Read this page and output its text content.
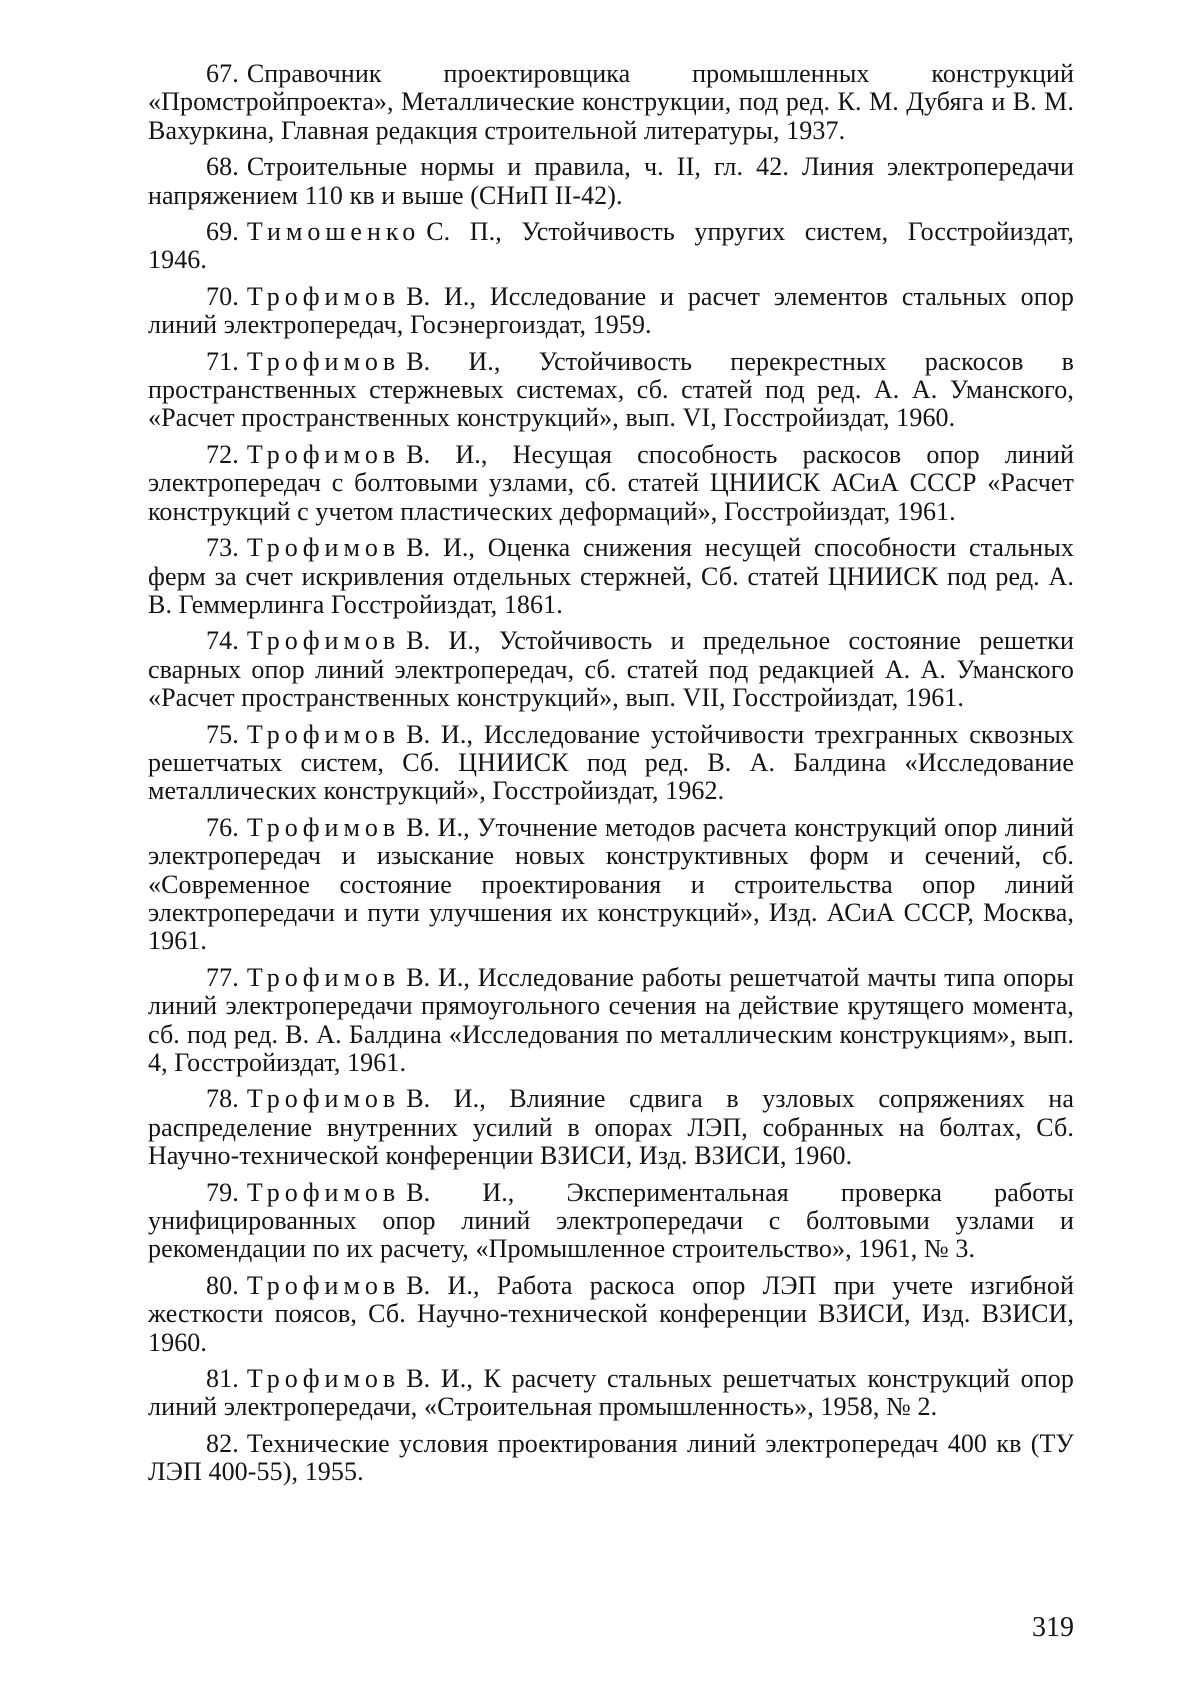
67. Справочник проектировщика промышленных конструкций «Промстройпроекта», Металлические конструкции, под ред. К. М. Дубяга и В. М. Вахуркина, Главная редакция строительной литературы, 1937.

68. Строительные нормы и правила, ч. II, гл. 42. Линия электропередачи напряжением 110 кв и выше (СНиП II-42).

69. Тимошенко С. П., Устойчивость упругих систем, Госстройиздат, 1946.

70. Трофимов В. И., Исследование и расчет элементов стальных опор линий электропередач, Госэнергоиздат, 1959.

71. Трофимов В. И., Устойчивость перекрестных раскосов в пространственных стержневых системах, сб. статей под ред. А. А. Уманского, «Расчет пространственных конструкций», вып. VI, Госстройиздат, 1960.

72. Трофимов В. И., Несущая способность раскосов опор линий электропередач с болтовыми узлами, сб. статей ЦНИИСК АСиА СССР «Расчет конструкций с учетом пластических деформаций», Госстройиздат, 1961.

73. Трофимов В. И., Оценка снижения несущей способности стальных ферм за счет искривления отдельных стержней, Сб. статей ЦНИИСК под ред. А. В. Геммерлинга Госстройиздат, 1861.

74. Трофимов В. И., Устойчивость и предельное состояние решетки сварных опор линий электропередач, сб. статей под редакцией А. А. Уманского «Расчет пространственных конструкций», вып. VII, Госстройиздат, 1961.

75. Трофимов В. И., Исследование устойчивости трехгранных сквозных решетчатых систем, Сб. ЦНИИСК под ред. В. А. Балдина «Исследование металлических конструкций», Госстройиздат, 1962.

76. Трофимов В. И., Уточнение методов расчета конструкций опор линий электропередач и изыскание новых конструктивных форм и сечений, сб. «Современное состояние проектирования и строительства опор линий электропередачи и пути улучшения их конструкций», Изд. АСиА СССР, Москва, 1961.

77. Трофимов В. И., Исследование работы решетчатой мачты типа опоры линий электропередачи прямоугольного сечения на действие крутящего момента, сб. под ред. В. А. Балдина «Исследования по металлическим конструкциям», вып. 4, Госстройиздат, 1961.

78. Трофимов В. И., Влияние сдвига в узловых сопряжениях на распределение внутренних усилий в опорах ЛЭП, собранных на болтах, Сб. Научно-технической конференции ВЗИСИ, Изд. ВЗИСИ, 1960.

79. Трофимов В. И., Экспериментальная проверка работы унифицированных опор линий электропередачи с болтовыми узлами и рекомендации по их расчету, «Промышленное строительство», 1961, № 3.

80. Трофимов В. И., Работа раскоса опор ЛЭП при учете изгибной жесткости поясов, Сб. Научно-технической конференции ВЗИСИ, Изд. ВЗИСИ, 1960.

81. Трофимов В. И., К расчету стальных решетчатых конструкций опор линий электропередачи, «Строительная промышленность», 1958, № 2.

82. Технические условия проектирования линий электропередач 400 кв (ТУ ЛЭП 400-55), 1955.

319
